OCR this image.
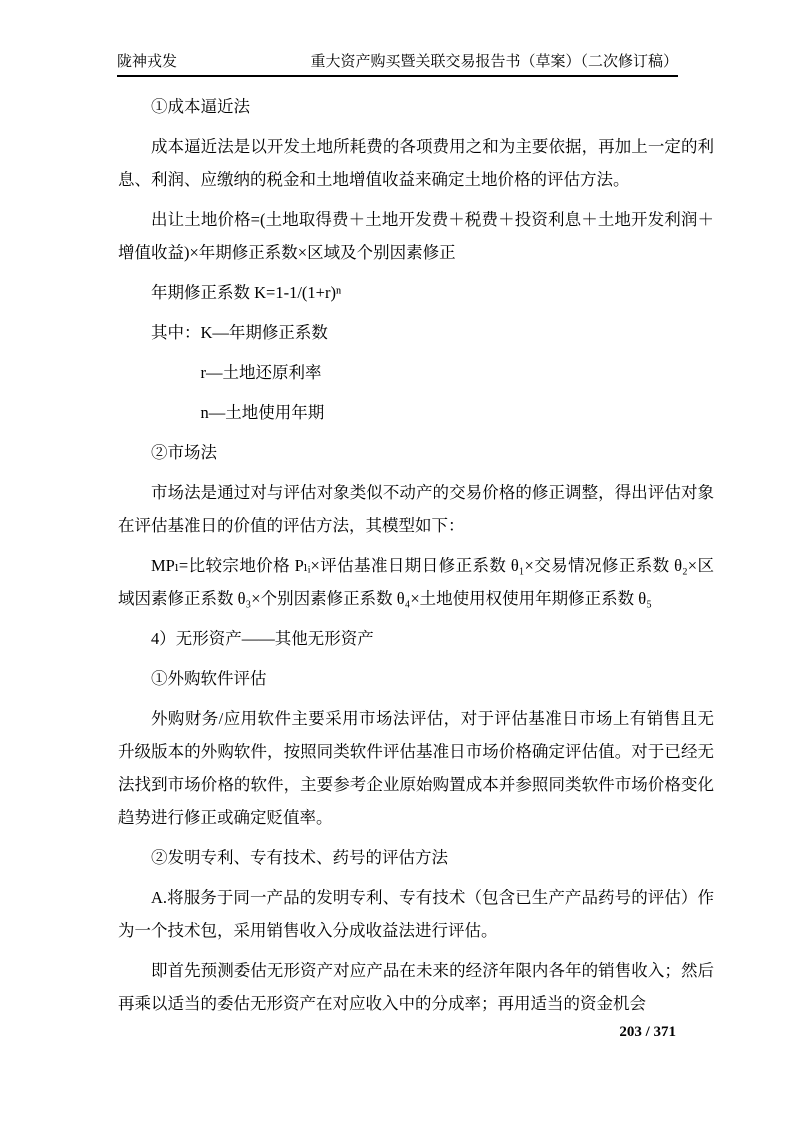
陇神戎发	重大资产购买暨关联交易报告书（草案）（二次修订稿）

①成本逼近法

成本逼近法是以开发土地所耗费的各项费用之和为主要依据，再加上一定的利息、利润、应缴纳的税金和土地增值收益来确定土地价格的评估方法。

出让土地价格=(土地取得费＋土地开发费＋税费＋投资利息＋土地开发利润＋增值收益)×年期修正系数×区域及个别因素修正

年期修正系数 K=1-1/(1+r)ⁿ

其中：K—年期修正系数

r—土地还原利率

n—土地使用年期

②市场法

市场法是通过对与评估对象类似不动产的交易价格的修正调整，得出评估对象在评估基准日的价值的评估方法，其模型如下：

MPₗ=比较宗地价格 Pₗᵢ×评估基准日期日修正系数 θ₁×交易情况修正系数 θ₂×区域因素修正系数 θ₃×个别因素修正系数 θ₄×土地使用权使用年期修正系数 θ₅

4）无形资产——其他无形资产

①外购软件评估

外购财务/应用软件主要采用市场法评估，对于评估基准日市场上有销售且无升级版本的外购软件，按照同类软件评估基准日市场价格确定评估值。对于已经无法找到市场价格的软件，主要参考企业原始购置成本并参照同类软件市场价格变化趋势进行修正或确定贬值率。

②发明专利、专有技术、药号的评估方法

A.将服务于同一产品的发明专利、专有技术（包含已生产产品药号的评估）作为一个技术包，采用销售收入分成收益法进行评估。

即首先预测委估无形资产对应产品在未来的经济年限内各年的销售收入；然后再乘以适当的委估无形资产在对应收入中的分成率；再用适当的资金机会

203 / 371
